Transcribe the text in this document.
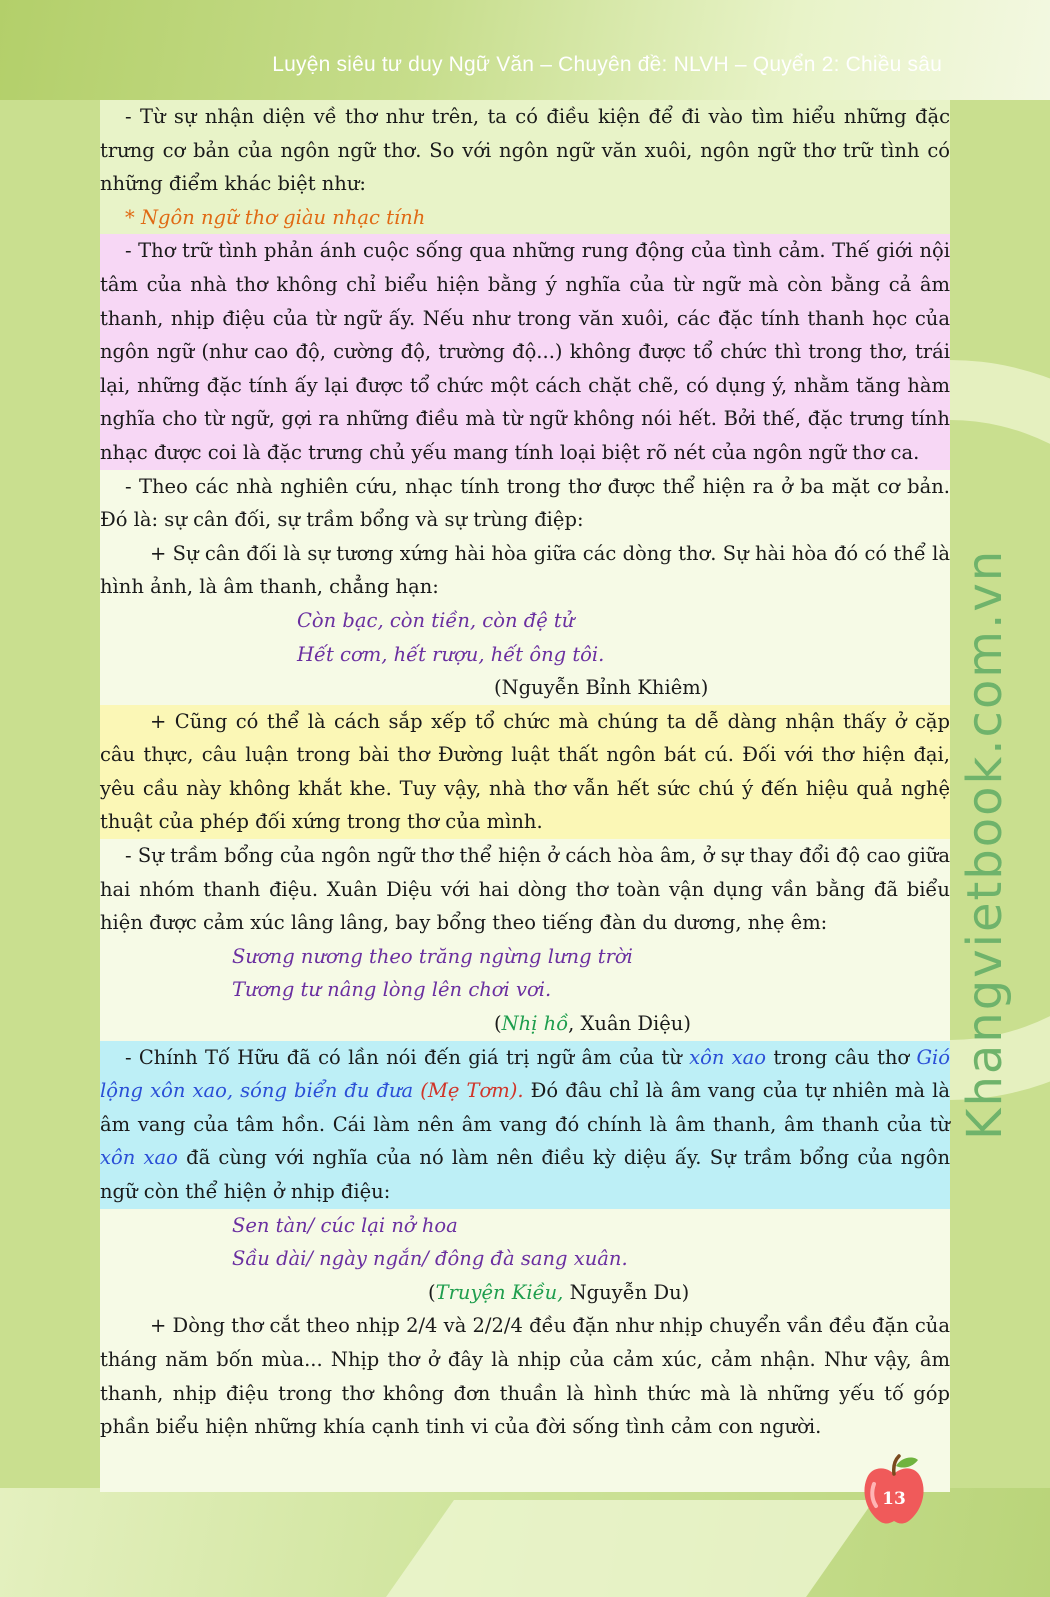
Luyện siêu tư duy Ngữ Văn – Chuyên đề: NLVH – Quyển 2: Chiều sâu
Khangvietbook.com.vn

- Từ sự nhận diện về thơ như trên, ta có điều kiện để đi vào tìm hiểu những đặc trưng cơ bản của ngôn ngữ thơ. So với ngôn ngữ văn xuôi, ngôn ngữ thơ trữ tình có những điểm khác biệt như:

* Ngôn ngữ thơ giàu nhạc tính

- Thơ trữ tình phản ánh cuộc sống qua những rung động của tình cảm. Thế giới nội tâm của nhà thơ không chỉ biểu hiện bằng ý nghĩa của từ ngữ mà còn bằng cả âm thanh, nhịp điệu của từ ngữ ấy. Nếu như trong văn xuôi, các đặc tính thanh học của ngôn ngữ (như cao độ, cường độ, trường độ...) không được tổ chức thì trong thơ, trái lại, những đặc tính ấy lại được tổ chức một cách chặt chẽ, có dụng ý, nhằm tăng hàm nghĩa cho từ ngữ, gợi ra những điều mà từ ngữ không nói hết. Bởi thế, đặc trưng tính nhạc được coi là đặc trưng chủ yếu mang tính loại biệt rõ nét của ngôn ngữ thơ ca.

- Theo các nhà nghiên cứu, nhạc tính trong thơ được thể hiện ra ở ba mặt cơ bản. Đó là: sự cân đối, sự trầm bổng và sự trùng điệp:

+ Sự cân đối là sự tương xứng hài hòa giữa các dòng thơ. Sự hài hòa đó có thể là hình ảnh, là âm thanh, chẳng hạn:

Còn bạc, còn tiền, còn đệ tử

Hết cơm, hết rượu, hết ông tôi.

(Nguyễn Bỉnh Khiêm)

+ Cũng có thể là cách sắp xếp tổ chức mà chúng ta dễ dàng nhận thấy ở cặp câu thực, câu luận trong bài thơ Đường luật thất ngôn bát cú. Đối với thơ hiện đại, yêu cầu này không khắt khe. Tuy vậy, nhà thơ vẫn hết sức chú ý đến hiệu quả nghệ thuật của phép đối xứng trong thơ của mình.

- Sự trầm bổng của ngôn ngữ thơ thể hiện ở cách hòa âm, ở sự thay đổi độ cao giữa hai nhóm thanh điệu. Xuân Diệu với hai dòng thơ toàn vận dụng vần bằng đã biểu hiện được cảm xúc lâng lâng, bay bổng theo tiếng đàn du dương, nhẹ êm:

Sương nương theo trăng ngừng lưng trời

Tương tư nâng lòng lên chơi vơi.

(Nhị hồ, Xuân Diệu)

- Chính Tố Hữu đã có lần nói đến giá trị ngữ âm của từ xôn xao trong câu thơ Gió lộng xôn xao, sóng biển đu đưa (Mẹ Tơm). Đó đâu chỉ là âm vang của tự nhiên mà là âm vang của tâm hồn. Cái làm nên âm vang đó chính là âm thanh, âm thanh của từ xôn xao đã cùng với nghĩa của nó làm nên điều kỳ diệu ấy. Sự trầm bổng của ngôn ngữ còn thể hiện ở nhịp điệu:

Sen tàn/ cúc lại nở hoa

Sầu dài/ ngày ngắn/ đông đà sang xuân.

(Truyện Kiều, Nguyễn Du)

+ Dòng thơ cắt theo nhịp 2/4 và 2/2/4 đều đặn như nhịp chuyển vần đều đặn của tháng năm bốn mùa... Nhịp thơ ở đây là nhịp của cảm xúc, cảm nhận. Như vậy, âm thanh, nhịp điệu trong thơ không đơn thuần là hình thức mà là những yếu tố góp phần biểu hiện những khía cạnh tinh vi của đời sống tình cảm con người.

13
